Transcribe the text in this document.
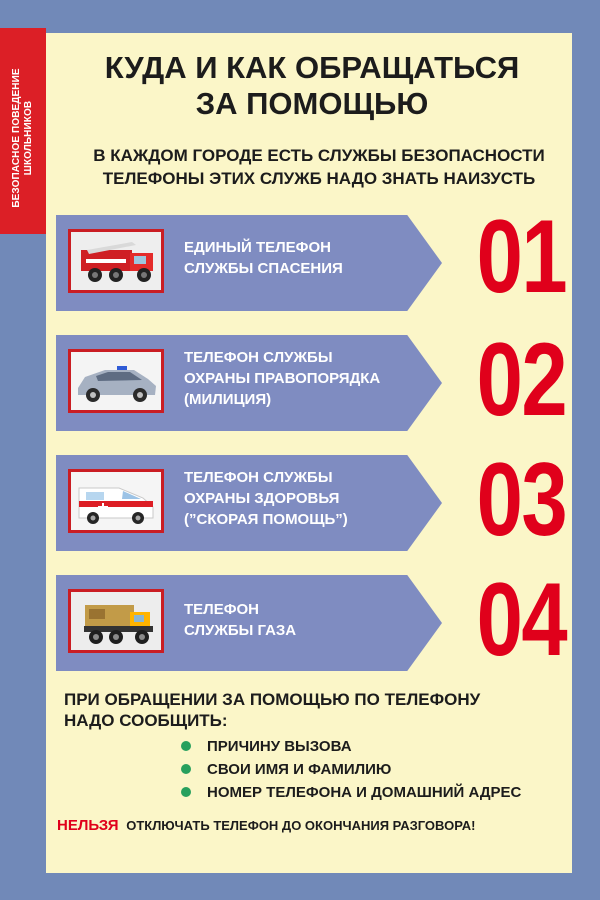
БЕЗОПАСНОЕ ПОВЕДЕНИЕ ШКОЛЬНИКОВ
КУДА И КАК ОБРАЩАТЬСЯ
ЗА ПОМОЩЬЮ
В КАЖДОМ ГОРОДЕ ЕСТЬ СЛУЖБЫ БЕЗОПАСНОСТИ
ТЕЛЕФОНЫ ЭТИХ СЛУЖБ НАДО ЗНАТЬ НАИЗУСТЬ
ЕДИНЫЙ ТЕЛЕФОН
СЛУЖБЫ СПАСЕНИЯ	01
ТЕЛЕФОН СЛУЖБЫ
ОХРАНЫ ПРАВОПОРЯДКА
(МИЛИЦИЯ)	02
ТЕЛЕФОН СЛУЖБЫ
ОХРАНЫ ЗДОРОВЬЯ
(”СКОРАЯ ПОМОЩЬ”)	03
ТЕЛЕФОН
СЛУЖБЫ ГАЗА	04
ПРИ ОБРАЩЕНИИ ЗА ПОМОЩЬЮ ПО ТЕЛЕФОНУ
НАДО СООБЩИТЬ:
ПРИЧИНУ ВЫЗОВА
СВОИ ИМЯ И ФАМИЛИЮ
НОМЕР ТЕЛЕФОНА И ДОМАШНИЙ АДРЕС
НЕЛЬЗЯ ОТКЛЮЧАТЬ ТЕЛЕФОН ДО ОКОНЧАНИЯ РАЗГОВОРА!
